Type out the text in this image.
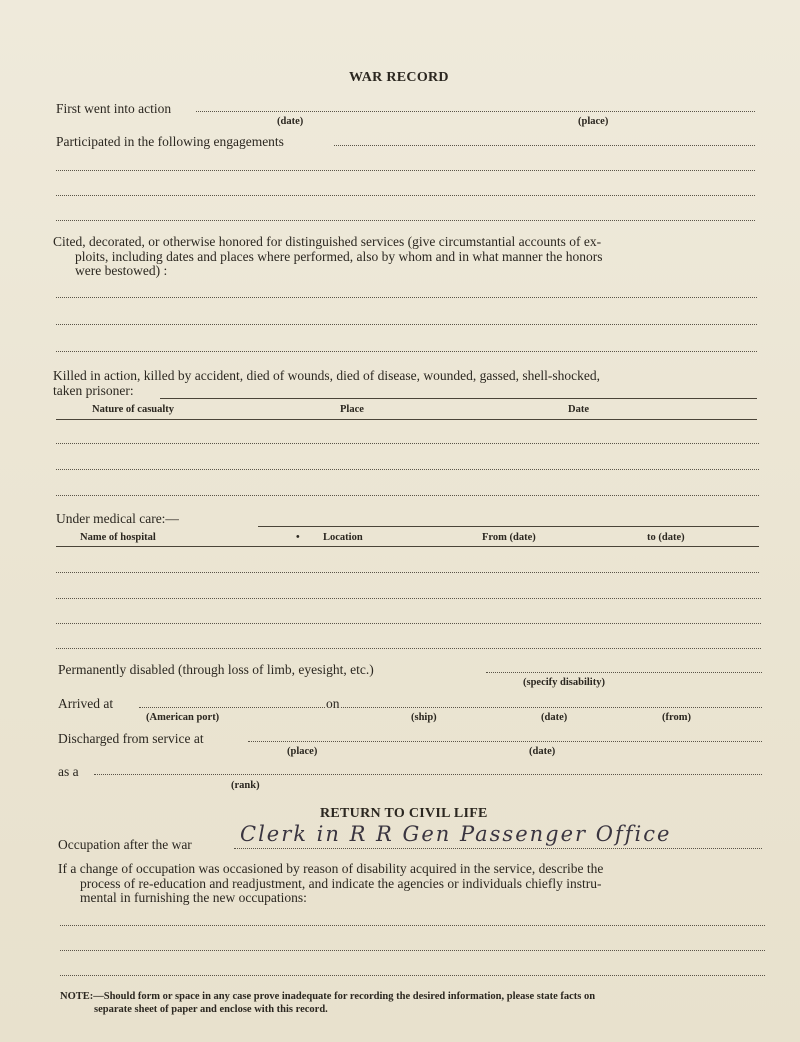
WAR RECORD
First went into action
(date)	(place)
Participated in the following engagements
Cited, decorated, or otherwise honored for distinguished services (give circumstantial accounts of ex-
ploits, including dates and places where performed, also by whom and in what manner the honors
were bestowed) :
Killed in action, killed by accident, died of wounds, died of disease, wounded, gassed, shell-shocked,
taken prisoner:
Nature of casualty	Place	Date
Under medical care:—
Name of hospital	• Location	From (date)	to (date)
Permanently disabled (through loss of limb, eyesight, etc.)
(specify disability)
Arrived at	on
(American port)	(ship)	(date)	(from)
Discharged from service at
(place)	(date)
as a
(rank)
RETURN TO CIVIL LIFE
Occupation after the war Clerk in R R Gen Passenger Office
If a change of occupation was occasioned by reason of disability acquired in the service, describe the
process of re-education and readjustment, and indicate the agencies or individuals chiefly instru-
mental in furnishing the new occupations:
NOTE:—Should form or space in any case prove inadequate for recording the desired information, please state facts on
separate sheet of paper and enclose with this record.
